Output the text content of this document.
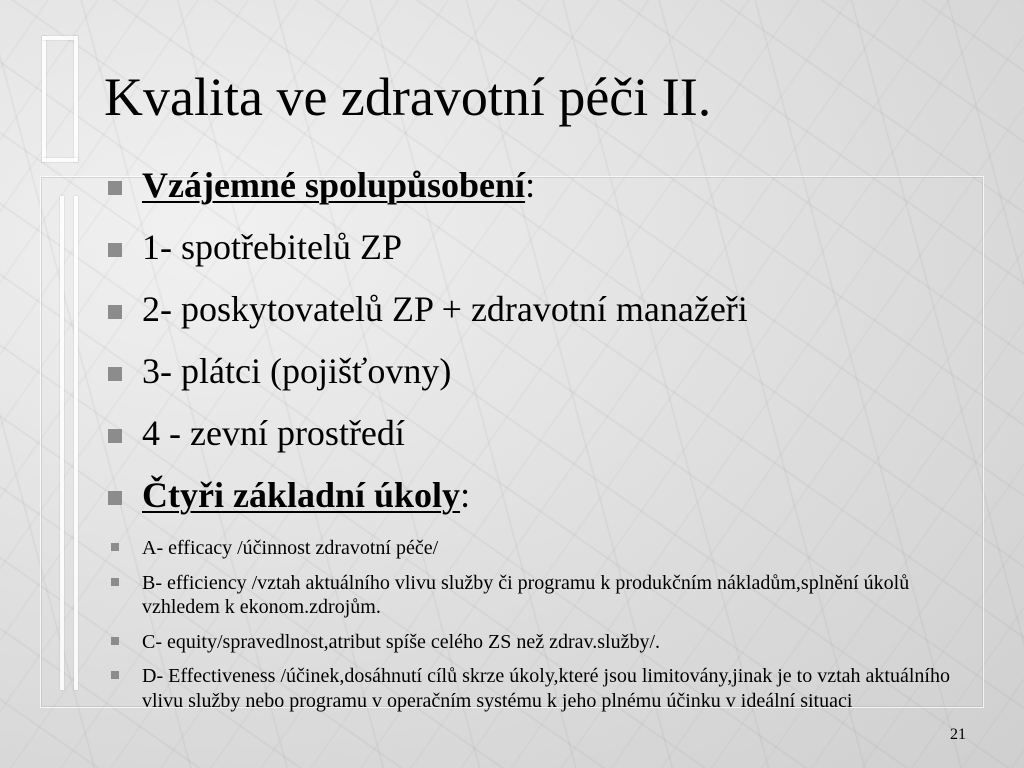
Kvalita ve zdravotní péči II.
Vzájemné spolupůsobení:
1- spotřebitelů ZP
2- poskytovatelů ZP + zdravotní manažeři
3- plátci (pojišťovny)
4 - zevní prostředí
Čtyři základní úkoly:
A- efficacy /účinnost zdravotní péče/
B- efficiency /vztah aktuálního vlivu služby či programu k produkčním nákladům,splnění úkolů vzhledem k ekonom.zdrojům.
C- equity/spravedlnost,atribut spíše celého ZS než zdrav.služby/.
D- Effectiveness /účinek,dosáhnutí cílů skrze úkoly,které jsou limitovány,jinak je to vztah aktuálního vlivu služby nebo programu v operačním systému k jeho plnému účinku v ideální situaci
21
